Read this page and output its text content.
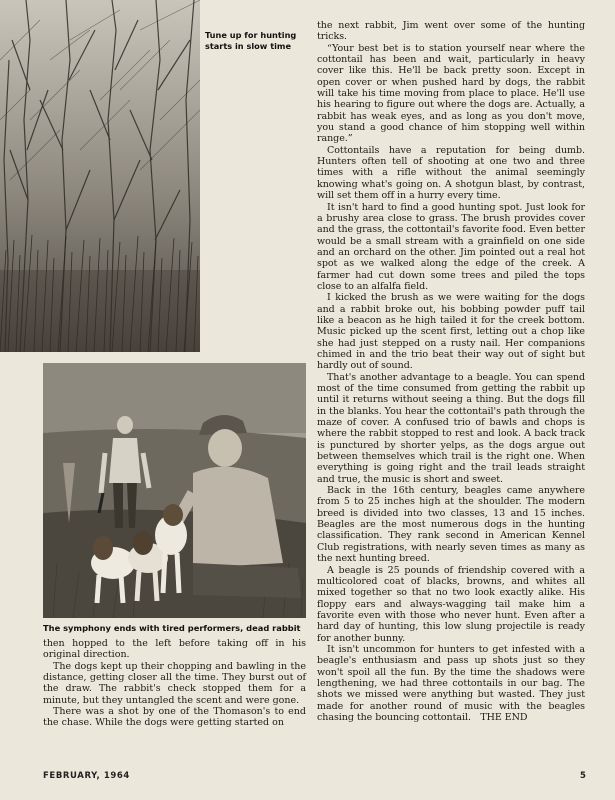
Tune up for hunting starts in slow time
The symphony ends with tired performers, dead rabbit

then hopped to the left before taking off in his original direction.

The dogs kept up their chopping and bawling in the distance, getting closer all the time. They burst out of the draw. The rabbit's check stopped them for a minute, but they untangled the scent and were gone.

There was a shot by one of the Thomason's to end the chase. While the dogs were getting started on

the next rabbit, Jim went over some of the hunting tricks.

“Your best bet is to station yourself near where the cottontail has been and wait, particularly in heavy cover like this. He'll be back pretty soon. Except in open cover or when pushed hard by dogs, the rabbit will take his time moving from place to place. He'll use his hearing to figure out where the dogs are. Actually, a rabbit has weak eyes, and as long as you don't move, you stand a good chance of him stopping well within range.”

Cottontails have a reputation for being dumb. Hunters often tell of shooting at one two and three times with a rifle without the animal seemingly knowing what's going on. A shotgun blast, by contrast, will set them off in a hurry every time.

It isn't hard to find a good hunting spot. Just look for a brushy area close to grass. The brush provides cover and the grass, the cottontail's favorite food. Even better would be a small stream with a grainfield on one side and an orchard on the other. Jim pointed out a real hot spot as we walked along the edge of the creek. A farmer had cut down some trees and piled the tops close to an alfalfa field.

I kicked the brush as we were waiting for the dogs and a rabbit broke out, his bobbing powder puff tail like a beacon as he high tailed it for the creek bottom. Music picked up the scent first, letting out a chop like she had just stepped on a rusty nail. Her companions chimed in and the trio beat their way out of sight but hardly out of sound.

That's another advantage to a beagle. You can spend most of the time consumed from getting the rabbit up until it returns without seeing a thing. But the dogs fill in the blanks. You hear the cottontail's path through the maze of cover. A confused trio of bawls and chops is where the rabbit stopped to rest and look. A back track is punctured by shorter yelps, as the dogs argue out between themselves which trail is the right one. When everything is going right and the trail leads straight and true, the music is short and sweet.

Back in the 16th century, beagles came anywhere from 5 to 25 inches high at the shoulder. The modern breed is divided into two classes, 13 and 15 inches. Beagles are the most numerous dogs in the hunting classification. They rank second in American Kennel Club registrations, with nearly seven times as many as the next hunting breed.

A beagle is 25 pounds of friendship covered with a multicolored coat of blacks, browns, and whites all mixed together so that no two look exactly alike. His floppy ears and always-wagging tail make him a favorite even with those who never hunt. Even after a hard day of hunting, this low slung projectile is ready for another bunny.

It isn't uncommon for hunters to get infested with a beagle's enthusiasm and pass up shots just so they won't spoil all the fun. By the time the shadows were lengthening, we had three cottontails in our bag. The shots we missed were anything but wasted. They just made for another round of music with the beagles chasing the bouncing cottontail. THE END

FEBRUARY, 1964	5
